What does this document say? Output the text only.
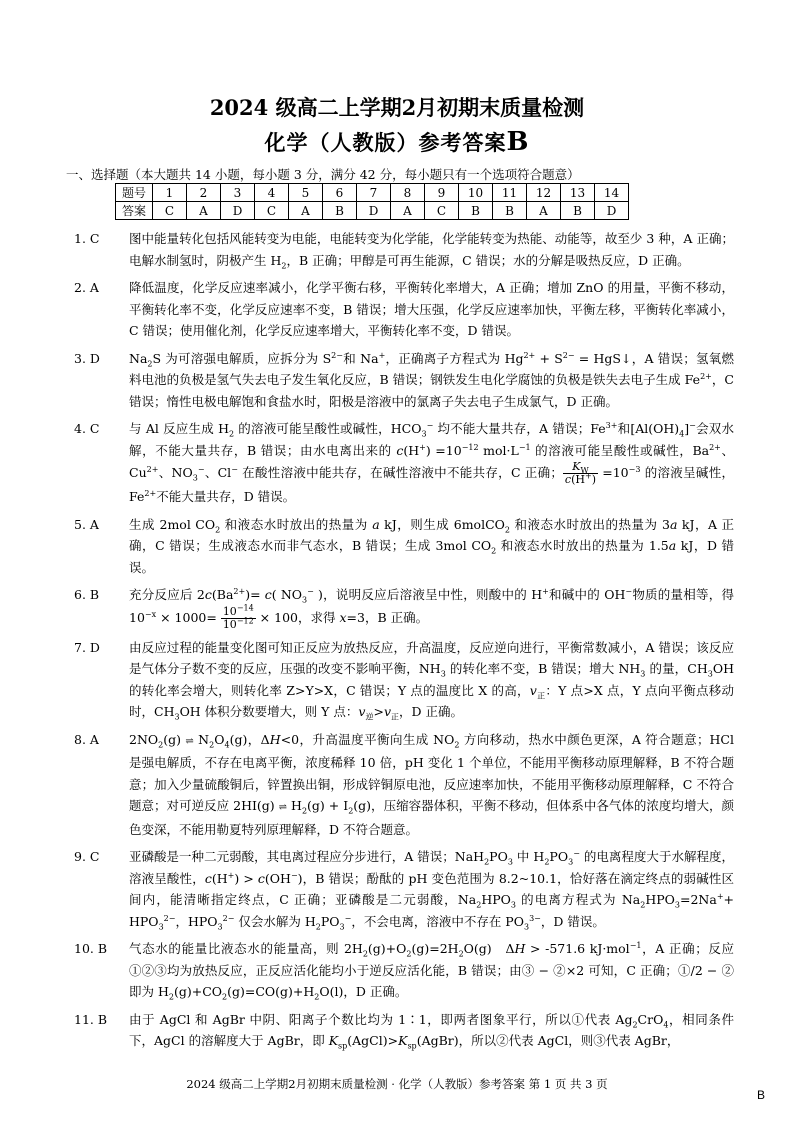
2024 级高二上学期2月初期末质量检测
化学（人教版）参考答案B
一、选择题（本大题共 14 小题，每小题 3 分，满分 42 分，每小题只有一个选项符合题意）
题号	1	2	3	4	5	6	7	8	9	10	11	12	13	14
答案	C	A	D	C	A	B	D	A	C	B	B	A	B	D
1. C	图中能量转化包括风能转变为电能，电能转变为化学能，化学能转变为热能、动能等，故至少 3 种，A 正确；电解水制氢时，阴极产生 $H_2$，B 正确；甲醇是可再生能源，C 错误；水的分解是吸热反应，D 正确。
2. A	降低温度，化学反应速率减小，化学平衡右移，平衡转化率增大，A 正确；增加 ZnO 的用量，平衡不移动，平衡转化率不变，化学反应速率不变，B 错误；增大压强，化学反应速率加快，平衡左移，平衡转化率减小，C 错误；使用催化剂，化学反应速率增大，平衡转化率不变，D 错误。
3. D	$Na_2S$ 为可溶强电解质，应拆分为 $S^{2-}$和 Na+，正确离子方程式为 $Hg^{2+} + S^{2-}$ = HgS↓，A 错误；氢氧燃料电池的负极是氢气失去电子发生氧化反应，B 错误；钢铁发生电化学腐蚀的负极是铁失去电子生成 $Fe^{2+}$，C 错误；惰性电极电解饱和食盐水时，阳极是溶液中的氯离子失去电子生成氯气，D 正确。
4. C	与 Al 反应生成 $H_2$ 的溶液可能呈酸性或碱性，$HCO_3^-$ 均不能大量共存，A 错误；$Fe^{3+}$和$[Al(OH)_4]^-$会双水解，不能大量共存，B 错误；由水电离出来的 $c(H^+) =10^{-12}$ $mol\cdot L^{-1}$ 的溶液可能呈酸性或碱性，$Ba^{2+}$、$Cu^{2+}$、$NO_3^-$、Cl− 在酸性溶液中能共存，在碱性溶液中不能共存，C 正确； $\frac{K_W}{c(H^+)} =10^{-3}$ 的溶液呈碱性，$Fe^{2+}$不能大量共存，D 错误。
5. A	生成 2mol $CO_2$ 和液态水时放出的热量为 a kJ，则生成 6molCO$_2$ 和液态水时放出的热量为 3a kJ，A 正确，C 错误；生成液态水而非气态水，B 错误；生成 3mol $CO_2$ 和液态水时放出的热量为 1.5a kJ，D 错误。
6. B	充分反应后 $2c(Ba^{2+})= c$( $NO_3^-$ )，说明反应后溶液呈中性，则酸中的 H+和碱中的 OH−物质的量相等，得 $10^{-x} \times 1000= \frac{10^{-14}}{10^{-12}} \times 100$，求得 x=3，B 正确。
7. D	由反应过程的能量变化图可知正反应为放热反应，升高温度，反应逆向进行，平衡常数减小，A 错误；该反应是气体分子数不变的反应，压强的改变不影响平衡，$NH_3$ 的转化率不变，B 错误；增大 $NH_3$ 的量，$CH_3OH$ 的转化率会增大，则转化率 Z>Y>X，C 错误；Y 点的温度比 X 的高，$v_正$：Y 点>X 点，Y 点向平衡点移动时，$CH_3OH$ 体积分数要增大，则 Y 点：$v_逆>v_正$，D 正确。
8. A	$2NO_2(g)$ ⇌ $N_2O_4(g)$，ΔH<0，升高温度平衡向生成 $NO_2$ 方向移动，热水中颜色更深，A 符合题意；HCl 是强电解质，不存在电离平衡，浓度稀释 10 倍，pH 变化 1 个单位，不能用平衡移动原理解释，B 不符合题意；加入少量硫酸铜后，锌置换出铜，形成锌铜原电池，反应速率加快，不能用平衡移动原理解释，C 不符合题意；对可逆反应 2HI(g) ⇌ $H_2(g) + I_2(g)$，压缩容器体积，平衡不移动，但体系中各气体的浓度均增大，颜色变深，不能用勒夏特列原理解释，D 不符合题意。
9. C	亚磷酸是一种二元弱酸，其电离过程应分步进行，A 错误；$NaH_2PO_3$ 中 $H_2PO_3^-$ 的电离程度大于水解程度，溶液呈酸性，c(H+) > c(OH−)，B 错误；酚酞的 pH 变色范围为 8.2~10.1，恰好落在滴定终点的弱碱性区间内，能清晰指定终点，C 正确；亚磷酸是二元弱酸，$Na_2HPO_3$ 的电离方程式为 $Na_2HPO_3=2Na^++ HPO_3^{2-}$，$HPO_3^{2-}$ 仅会水解为 $H_2PO_3^-$，不会电离，溶液中不存在 $PO_3^{3-}$，D 错误。
10. B	气态水的能量比液态水的能量高，则 $2H_2(g)+O_2(g)=2H_2O(g)$　ΔH > -571.6 kJ·mol$^{-1}$，A 正确；反应①②③均为放热反应，正反应活化能均小于逆反应活化能，B 错误；由③ − ②×2 可知，C 正确；①/2 − ②即为 $H_2(g)+CO_2(g)=CO(g)+H_2O(l)$，D 正确。
11. B	由于 AgCl 和 AgBr 中阴、阳离子个数比均为 1∶1，即两者图象平行，所以①代表 $Ag_2CrO_4$，相同条件下，AgCl 的溶解度大于 AgBr，即 $K_{sp}(AgCl)>K_{sp}(AgBr)$，所以②代表 AgCl，则③代表 AgBr，
2024 级高二上学期2月初期末质量检测 · 化学（人教版）参考答案 第 1 页 共 3 页
B
